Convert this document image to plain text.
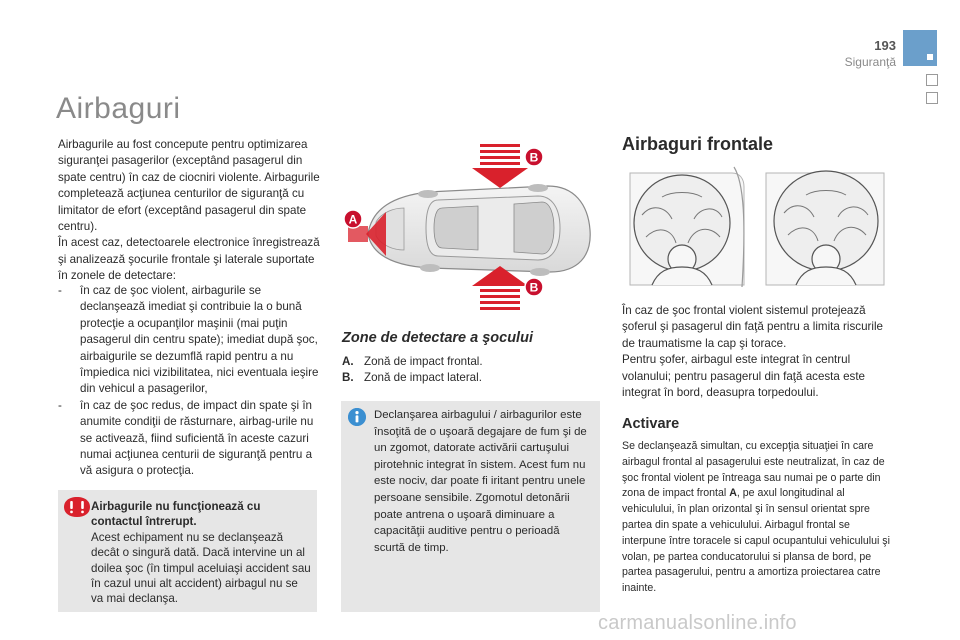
193
Siguranţă
Airbaguri

Airbagurile au fost concepute pentru optimizarea siguranţei pasagerilor (exceptând pasagerul din spate centru) în caz de ciocniri violente. Airbagurile completează acţiunea centurilor de siguranţă cu limitator de efort (exceptând pasagerul din spate centru).

În acest caz, detectoarele electronice înregistrează şi analizează şocurile frontale şi laterale suportate în zonele de detectare:

- în caz de şoc violent, airbagurile se declanşează imediat şi contribuie la o bună protecţie a ocupanţilor maşinii (mai puţin pasagerul din centru spate); imediat după şoc, airbaigurile se dezumflă rapid pentru a nu împiedica nici vizibilitatea, nici eventuala ieşire din vehicul a pasagerilor,

- în caz de şoc redus, de impact din spate şi în anumite condiţii de răsturnare, airbag-urile nu se activează, fiind suficientă în aceste cazuri numai acţiunea centurii de siguranţă pentru a vă asigura o protecţia.

Airbagurile nu funcţionează cu contactul întrerupt.
Acest echipament nu se declanşează decât o singură dată. Dacă intervine un al doilea şoc (în timpul aceluiaşi accident sau în cazul unui alt accident) airbagul nu se va mai declanşa.
B
A
B
Zone de detectare a şocului

A. Zonă de impact frontal.

B. Zonă de impact lateral.

Declanşarea airbagului / airbagurilor este însoţită de o uşoară degajare de fum şi de un zgomot, datorate activării cartuşului pirotehnic integrat în sistem. Acest fum nu este nociv, dar poate fi iritant pentru unele persoane sensibile. Zgomotul detonării poate antrena o uşoară diminuare a capacităţii auditive pentru o perioadă scurtă de timp.
Airbaguri frontale

În caz de şoc frontal violent sistemul protejează şoferul şi pasagerul din faţă pentru a limita riscurile de traumatisme la cap şi torace.

Pentru şofer, airbagul este integrat în centrul volanului; pentru pasagerul din faţă acesta este integrat în bord, deasupra torpedoului.

Activare
Se declanşează simultan, cu excepţia situaţiei în care airbagul frontal al pasagerului este neutralizat, în caz de şoc frontal violent pe întreaga sau numai pe o parte din zona de impact frontal A, pe axul longitudinal al vehiculului, în plan orizontal şi în sensul orientat spre partea din spate a vehiculului. Airbagul frontal se interpune între toracele si capul ocupantului vehiculului şi volan, pe partea conducatorului si plansa de bord, pe partea pasagerului, pentru a amortiza proiectarea catre inainte.
carmanualsonline.info
